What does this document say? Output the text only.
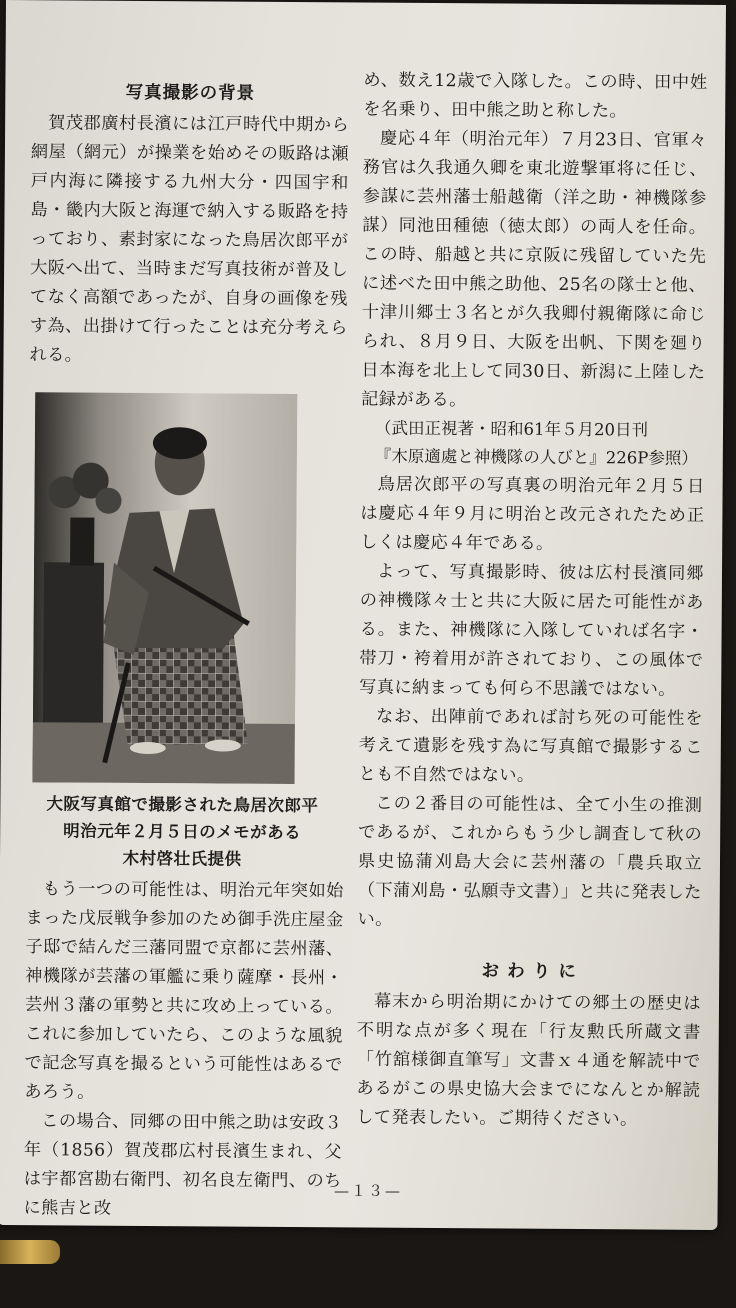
写真撮影の背景

賀茂郡廣村長濱には江戸時代中期から網屋（網元）が操業を始めその販路は瀬戸内海に隣接する九州大分・四国宇和島・畿内大阪と海運で納入する販路を持っており、素封家になった鳥居次郎平が大阪へ出て、当時まだ写真技術が普及してなく高額であったが、自身の画像を残す為、出掛けて行ったことは充分考えられる。

大阪写真館で撮影された鳥居次郎平
明治元年２月５日のメモがある
木村啓壮氏提供

もう一つの可能性は、明治元年突如始まった戊辰戦争参加のため御手洗庄屋金子邸で結んだ三藩同盟で京都に芸州藩、神機隊が芸藩の軍艦に乗り薩摩・長州・芸州３藩の軍勢と共に攻め上っている。これに参加していたら、このような風貌で記念写真を撮るという可能性はあるであろう。

この場合、同郷の田中熊之助は安政３年（1856）賀茂郡広村長濱生まれ、父は宇都宮勘右衛門、初名良左衛門、のちに熊吉と改

め、数え12歳で入隊した。この時、田中姓を名乗り、田中熊之助と称した。

慶応４年（明治元年）７月23日、官軍々務官は久我通久卿を東北遊撃軍将に任じ、参謀に芸州藩士船越衛（洋之助・神機隊参謀）同池田種徳（徳太郎）の両人を任命。この時、船越と共に京阪に残留していた先に述べた田中熊之助他、25名の隊士と他、十津川郷士３名とが久我卿付親衛隊に命じられ、８月９日、大阪を出帆、下関を廻り日本海を北上して同30日、新潟に上陸した記録がある。

（武田正視著・昭和61年５月20日刊

『木原適處と神機隊の人びと』226P参照）

鳥居次郎平の写真裏の明治元年２月５日は慶応４年９月に明治と改元されたため正しくは慶応４年である。

よって、写真撮影時、彼は広村長濱同郷の神機隊々士と共に大阪に居た可能性がある。また、神機隊に入隊していれば名字・帯刀・袴着用が許されており、この風体で写真に納まっても何ら不思議ではない。

なお、出陣前であれば討ち死の可能性を考えて遺影を残す為に写真館で撮影することも不自然ではない。

この２番目の可能性は、全て小生の推測であるが、これからもう少し調査して秋の県史協蒲刈島大会に芸州藩の「農兵取立（下蒲刈島・弘願寺文書）」と共に発表したい。

お わ り に

幕末から明治期にかけての郷土の歴史は不明な点が多く現在「行友勲氏所蔵文書「竹舘様御直筆写」文書ｘ４通を解読中であるがこの県史協大会までになんとか解読して発表したい。ご期待ください。

—１３—
